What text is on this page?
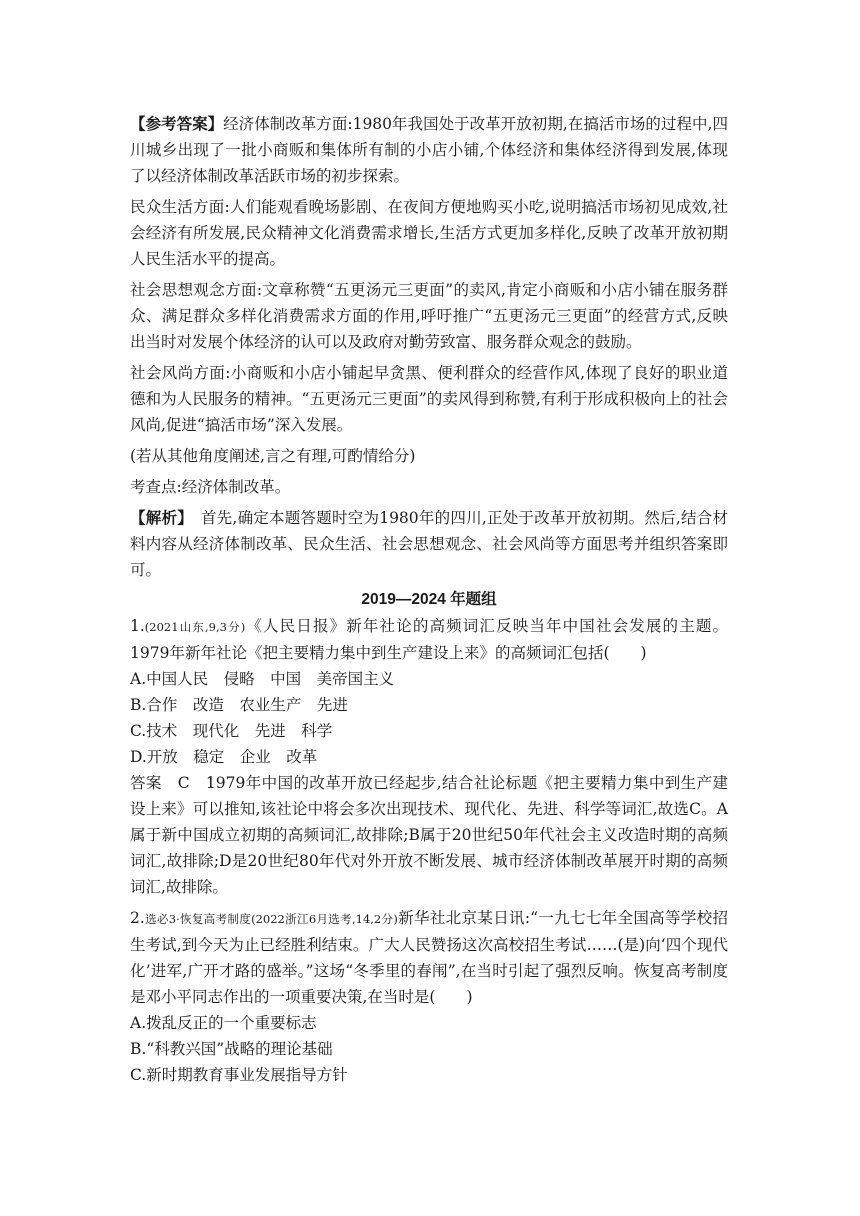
【参考答案】经济体制改革方面:1980年我国处于改革开放初期,在搞活市场的过程中,四川城乡出现了一批小商贩和集体所有制的小店小铺,个体经济和集体经济得到发展,体现了以经济体制改革活跃市场的初步探索。

民众生活方面:人们能观看晚场影剧、在夜间方便地购买小吃,说明搞活市场初见成效,社会经济有所发展,民众精神文化消费需求增长,生活方式更加多样化,反映了改革开放初期人民生活水平的提高。

社会思想观念方面:文章称赞“五更汤元三更面”的卖风,肯定小商贩和小店小铺在服务群众、满足群众多样化消费需求方面的作用,呼吁推广“五更汤元三更面”的经营方式,反映出当时对发展个体经济的认可以及政府对勤劳致富、服务群众观念的鼓励。

社会风尚方面:小商贩和小店小铺起早贪黑、便利群众的经营作风,体现了良好的职业道德和为人民服务的精神。“五更汤元三更面”的卖风得到称赞,有利于形成积极向上的社会风尚,促进“搞活市场”深入发展。

(若从其他角度阐述,言之有理,可酌情给分)

考查点:经济体制改革。

【解析】　首先,确定本题答题时空为1980年的四川,正处于改革开放初期。然后,结合材料内容从经济体制改革、民众生活、社会思想观念、社会风尚等方面思考并组织答案即可。

2019—2024 年题组

1.(2021山东,9,3分)《人民日报》新年社论的高频词汇反映当年中国社会发展的主题。1979年新年社论《把主要精力集中到生产建设上来》的高频词汇包括(　　)

A.中国人民　侵略　中国　美帝国主义

B.合作　改造　农业生产　先进

C.技术　现代化　先进　科学

D.开放　稳定　企业　改革

答案　C　1979年中国的改革开放已经起步,结合社论标题《把主要精力集中到生产建设上来》可以推知,该社论中将会多次出现技术、现代化、先进、科学等词汇,故选C。A属于新中国成立初期的高频词汇,故排除;B属于20世纪50年代社会主义改造时期的高频词汇,故排除;D是20世纪80年代对外开放不断发展、城市经济体制改革展开时期的高频词汇,故排除。

2.选必3·恢复高考制度(2022浙江6月选考,14,2分)新华社北京某日讯:“一九七七年全国高等学校招生考试,到今天为止已经胜利结束。广大人民赞扬这次高校招生考试……(是)向‘四个现代化’进军,广开才路的盛举。”这场“冬季里的春闱”,在当时引起了强烈反响。恢复高考制度是邓小平同志作出的一项重要决策,在当时是(　　)

A.拨乱反正的一个重要标志

B.“科教兴国”战略的理论基础

C.新时期教育事业发展指导方针
